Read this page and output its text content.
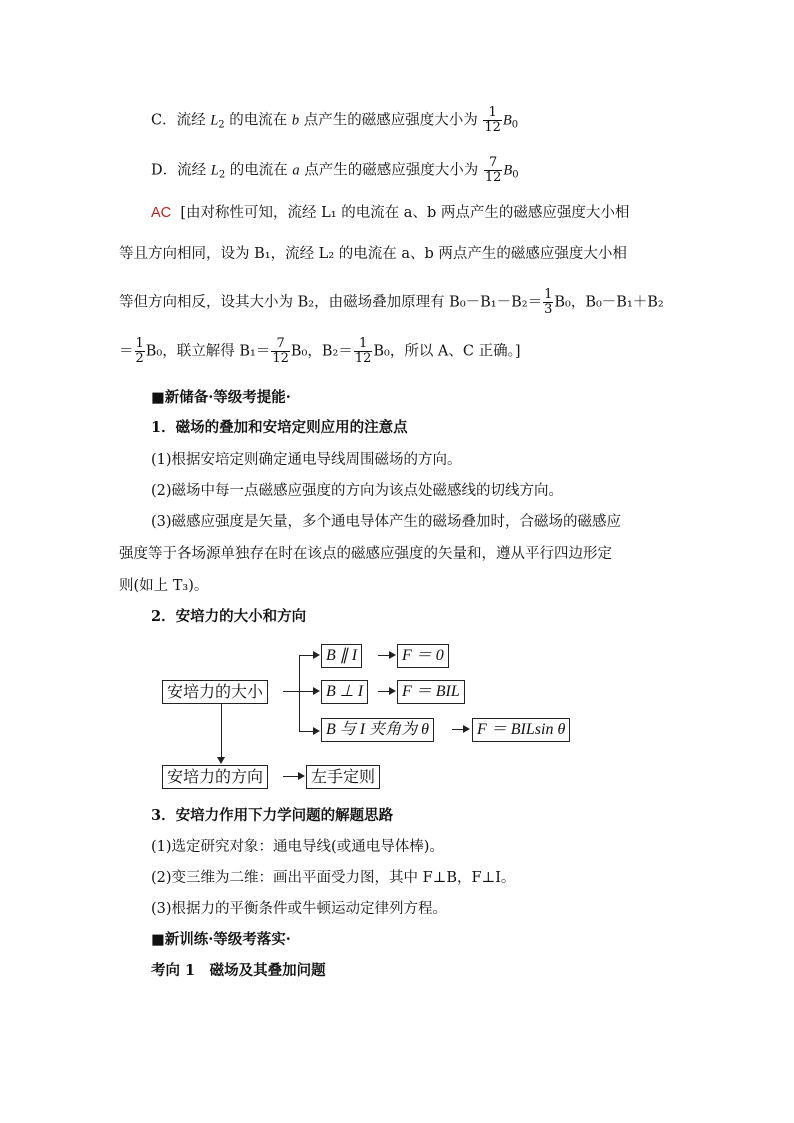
C．流经 $L_2$ 的电流在 b 点产生的磁感应强度大小为 $\frac{1}{12} B_0$
D．流经 $L_2$ 的电流在 a 点产生的磁感应强度大小为 $\frac{7}{12} B_0$
AC [由对称性可知，流经 L₁ 的电流在 a、b 两点产生的磁感应强度大小相
等且方向相同，设为 B₁，流经 L₂ 的电流在 a、b 两点产生的磁感应强度大小相
等但方向相反，设其大小为 B₂，由磁场叠加原理有 $B_0-B_1-B_2= \frac{1}{3} B_0$，B₀－B₁＋B₂
＝ $\frac{1}{2} B_0$，联立解得 $B_1= \frac{7}{12} B_0$，$B_2= \frac{1}{12} B_0$，所以 A、C 正确。]
■新储备·等级考提能·
1．磁场的叠加和安培定则应用的注意点
(1)根据安培定则确定通电导线周围磁场的方向。
(2)磁场中每一点磁感应强度的方向为该点处磁感线的切线方向。
(3)磁感应强度是矢量，多个通电导体产生的磁场叠加时，合磁场的磁感应
强度等于各场源单独存在时在该点的磁感应强度的矢量和，遵从平行四边形定
则(如上 T₃)。
2．安培力的大小和方向
安培力的大小
安培力的方向
B ∥ I	F ＝ 0
B ⊥ I	F ＝ BIL
B 与 I 夹角为 θ	F ＝ BILsin θ
左手定则
3．安培力作用下力学问题的解题思路
(1)选定研究对象：通电导线(或通电导体棒)。
(2)变三维为二维：画出平面受力图，其中 F⊥B，F⊥I。
(3)根据力的平衡条件或牛顿运动定律列方程。
■新训练·等级考落实·
考向 1　磁场及其叠加问题
